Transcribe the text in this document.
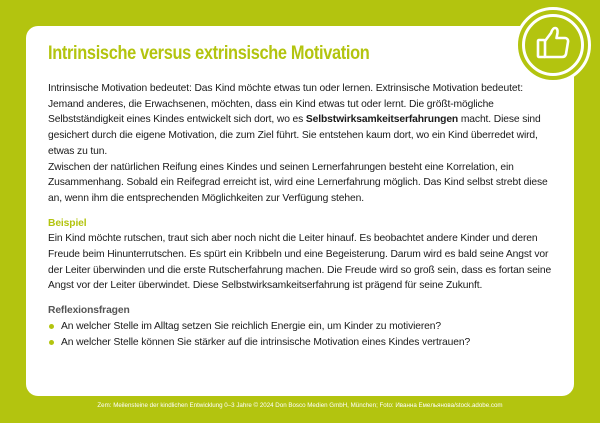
Intrinsische versus extrinsische Motivation

Intrinsische Motivation bedeutet: Das Kind möchte etwas tun oder lernen. Extrinsische Motivation bedeutet: Jemand anderes, die Erwachsenen, möchten, dass ein Kind etwas tut oder lernt. Die größt-mögliche Selbstständigkeit eines Kindes entwickelt sich dort, wo es Selbstwirksamkeitserfahrungen macht. Diese sind gesichert durch die eigene Motivation, die zum Ziel führt. Sie entstehen kaum dort, wo ein Kind überredet wird, etwas zu tun.

Zwischen der natürlichen Reifung eines Kindes und seinen Lernerfahrungen besteht eine Korrelation, ein Zusammenhang. Sobald ein Reifegrad erreicht ist, wird eine Lernerfahrung möglich. Das Kind selbst strebt diese an, wenn ihm die entsprechenden Möglichkeiten zur Verfügung stehen.

Beispiel

Ein Kind möchte rutschen, traut sich aber noch nicht die Leiter hinauf. Es beobachtet andere Kinder und deren Freude beim Hinunterrutschen. Es spürt ein Kribbeln und eine Begeisterung. Darum wird es bald seine Angst vor der Leiter überwinden und die erste Rutscherfahrung machen. Die Freude wird so groß sein, dass es fortan seine Angst vor der Leiter überwindet. Diese Selbstwirksamkeitserfahrung ist prägend für seine Zukunft.

Reflexionsfragen

An welcher Stelle im Alltag setzen Sie reichlich Energie ein, um Kinder zu motivieren?
An welcher Stelle können Sie stärker auf die intrinsische Motivation eines Kindes vertrauen?
Zem: Meilensteine der kindlichen Entwicklung 0–3 Jahre © 2024 Don Bosco Medien GmbH, München; Foto: Ивaннa Eмeльянoвa/stock.adobe.com
